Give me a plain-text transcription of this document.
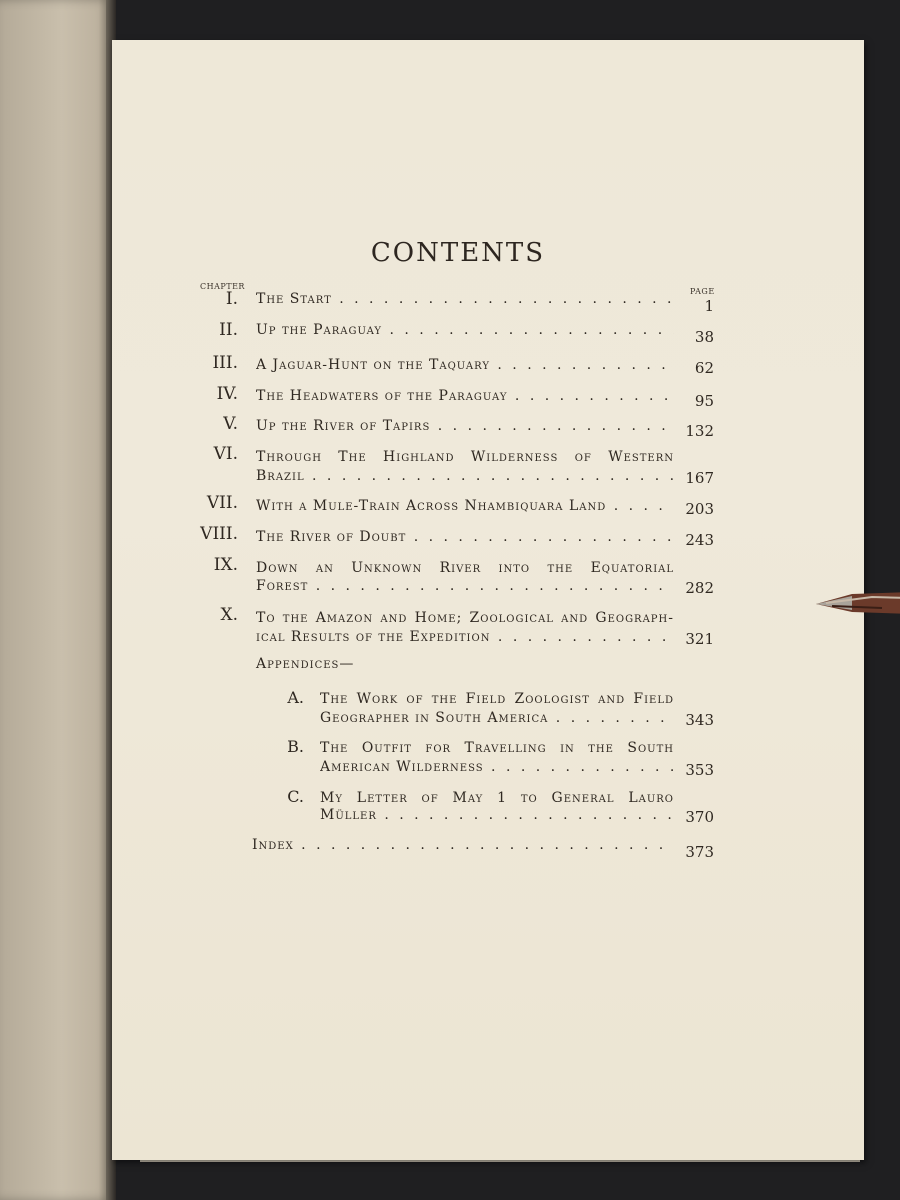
CONTENTS
CHAPTER
PAGE
I. The Start . . .	1
II. Up the Paraguay . . .	38
III. A Jaguar-Hunt on the Taquary . . .	62
IV. The Headwaters of the Paraguay . . .	95
V. Up the River of Tapirs . . .	132
VI. Through The Highland Wilderness of Western
Brazil . . .	167
VII. With a Mule-Train Across Nhambiquara Land . . .	203
VIII. The River of Doubt . . .	243
IX. Down an Unknown River into the Equatorial
Forest . . .	282
X. To the Amazon and Home; Zoological and Geograph-
ical Results of the Expedition . . .	321
Appendices—
A. The Work of the Field Zoologist and Field
Geographer in South America . . .	343
B. The Outfit for Travelling in the South
American Wilderness . . .	353
C. My Letter of May 1 to General Lauro
Müller . . .	370
Index . . .	373
